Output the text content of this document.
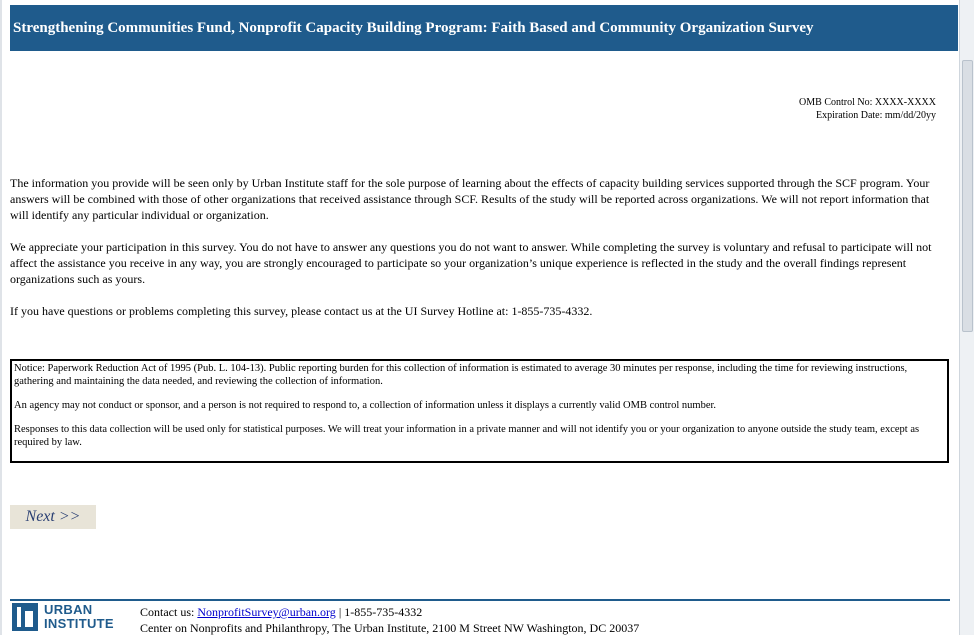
Strengthening Communities Fund, Nonprofit Capacity Building Program: Faith Based and Community Organization Survey
OMB Control No: XXXX-XXXX
Expiration Date: mm/dd/20yy
The information you provide will be seen only by Urban Institute staff for the sole purpose of learning about the effects of capacity building services supported through the SCF program. Your answers will be combined with those of other organizations that received assistance through SCF. Results of the study will be reported across organizations. We will not report information that will identify any particular individual or organization.
We appreciate your participation in this survey. You do not have to answer any questions you do not want to answer. While completing the survey is voluntary and refusal to participate will not affect the assistance you receive in any way, you are strongly encouraged to participate so your organization’s unique experience is reflected in the study and the overall findings represent organizations such as yours.
If you have questions or problems completing this survey, please contact us at the UI Survey Hotline at: 1-855-735-4332.

Notice: Paperwork Reduction Act of 1995 (Pub. L. 104-13). Public reporting burden for this collection of information is estimated to average 30 minutes per response, including the time for reviewing instructions, gathering and maintaining the data needed, and reviewing the collection of information.

An agency may not conduct or sponsor, and a person is not required to respond to, a collection of information unless it displays a currently valid OMB control number.

Responses to this data collection will be used only for statistical purposes. We will treat your information in a private manner and will not identify you or your organization to anyone outside the study team, except as required by law.

Next >>
URBAN
INSTITUTE
Contact us: NonprofitSurvey@urban.org | 1-855-735-4332
Center on Nonprofits and Philanthropy, The Urban Institute, 2100 M Street NW Washington, DC 20037
